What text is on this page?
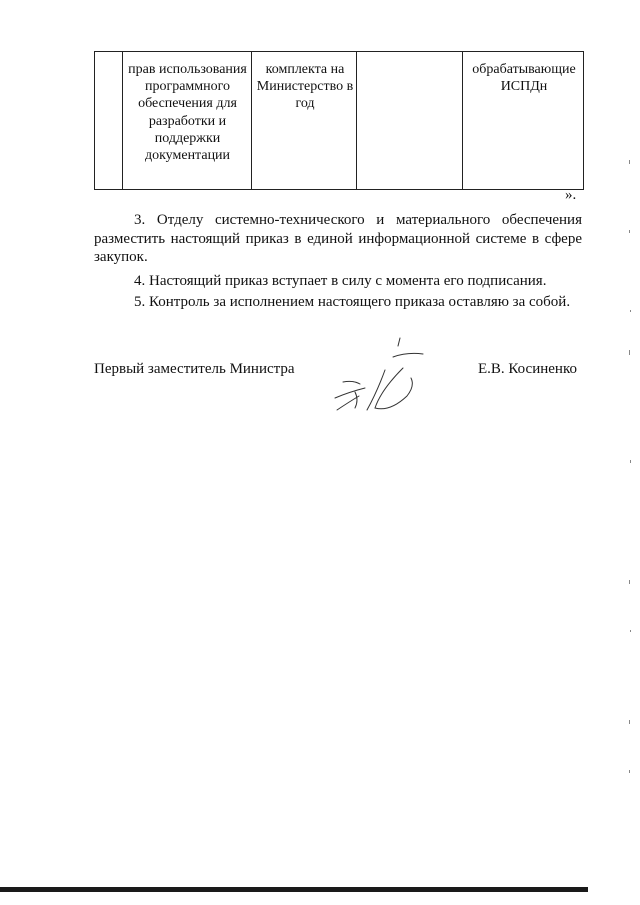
прав использования программного обеспечения для разработки и поддержки документации
комплекта на Министерство в год
обрабатывающие ИСПДн
».

3. Отделу системно-технического и материального обеспечения разместить настоящий приказ в единой информационной системе в сфере закупок.

4. Настоящий приказ вступает в силу с момента его подписания.

5. Контроль за исполнением настоящего приказа оставляю за собой.

Первый заместитель Министра	Е.В. Косиненко
